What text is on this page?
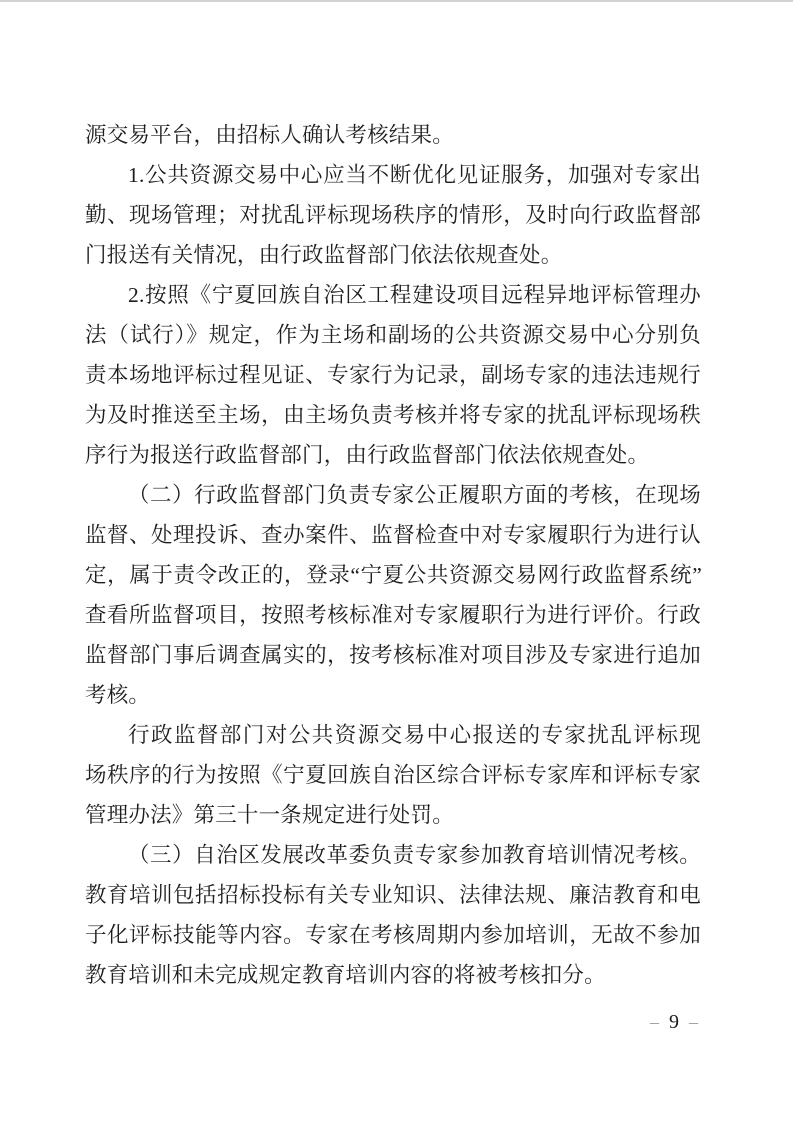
源交易平台，由招标人确认考核结果。
1.公共资源交易中心应当不断优化见证服务，加强对专家出
勤、现场管理；对扰乱评标现场秩序的情形，及时向行政监督部
门报送有关情况，由行政监督部门依法依规查处。
2.按照《宁夏回族自治区工程建设项目远程异地评标管理办
法（试行）》规定，作为主场和副场的公共资源交易中心分别负
责本场地评标过程见证、专家行为记录，副场专家的违法违规行
为及时推送至主场，由主场负责考核并将专家的扰乱评标现场秩
序行为报送行政监督部门，由行政监督部门依法依规查处。
（二）行政监督部门负责专家公正履职方面的考核，在现场
监督、处理投诉、查办案件、监督检查中对专家履职行为进行认
定，属于责令改正的，登录“宁夏公共资源交易网行政监督系统”
查看所监督项目，按照考核标准对专家履职行为进行评价。行政
监督部门事后调查属实的，按考核标准对项目涉及专家进行追加
考核。
行政监督部门对公共资源交易中心报送的专家扰乱评标现
场秩序的行为按照《宁夏回族自治区综合评标专家库和评标专家
管理办法》第三十一条规定进行处罚。
（三）自治区发展改革委负责专家参加教育培训情况考核。
教育培训包括招标投标有关专业知识、法律法规、廉洁教育和电
子化评标技能等内容。专家在考核周期内参加培训，无故不参加
教育培训和未完成规定教育培训内容的将被考核扣分。
– 9 –
